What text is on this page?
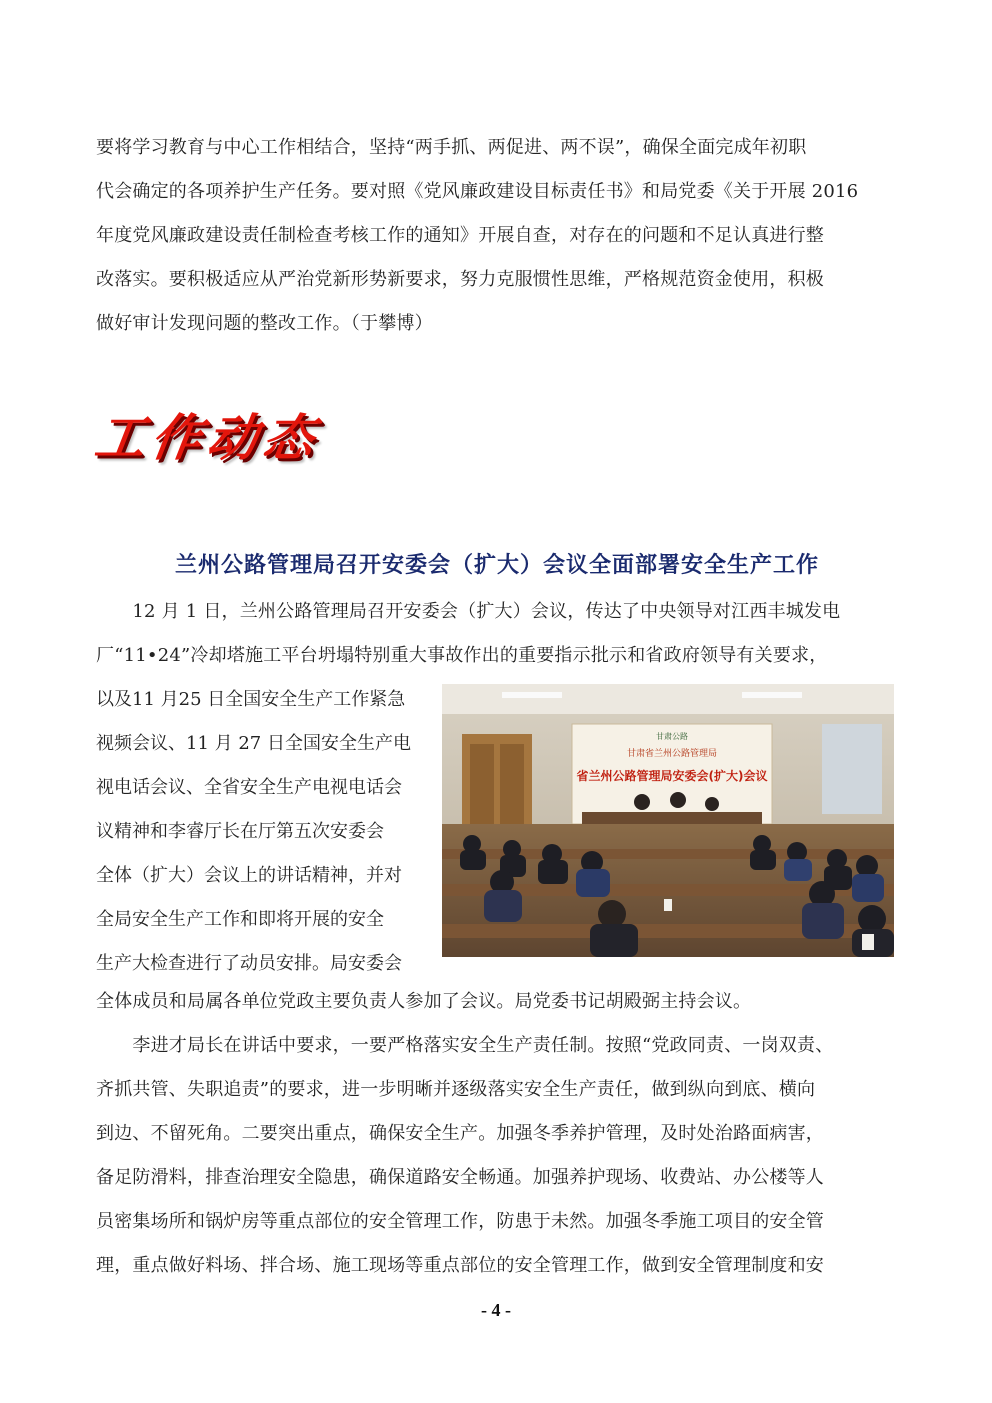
要将学习教育与中心工作相结合，坚持“两手抓、两促进、两不误”，确保全面完成年初职

代会确定的各项养护生产任务。要对照《党风廉政建设目标责任书》和局党委《关于开展 2016

年度党风廉政建设责任制检查考核工作的通知》开展自查，对存在的问题和不足认真进行整

改落实。要积极适应从严治党新形势新要求，努力克服惯性思维，严格规范资金使用，积极

做好审计发现问题的整改工作。（于攀博）

工作动态
兰州公路管理局召开安委会（扩大）会议全面部署安全生产工作

　　12 月 1 日，兰州公路管理局召开安委会（扩大）会议，传达了中央领导对江西丰城发电

厂“11•24”冷却塔施工平台坍塌特别重大事故作出的重要指示批示和省政府领导有关要求，

以及11 月25 日全国安全生产工作紧急

视频会议、11 月 27 日全国安全生产电

视电话会议、全省安全生产电视电话会

议精神和李睿厅长在厅第五次安委会

全体（扩大）会议上的讲话精神，并对

全局安全生产工作和即将开展的安全

生产大检查进行了动员安排。局安委会

甘肃公路
甘肃省兰州公路管理局
省兰州公路管理局安委会(扩大)会议

全体成员和局属各单位党政主要负责人参加了会议。局党委书记胡殿弼主持会议。

　　李进才局长在讲话中要求，一要严格落实安全生产责任制。按照“党政同责、一岗双责、

齐抓共管、失职追责”的要求，进一步明晰并逐级落实安全生产责任，做到纵向到底、横向

到边、不留死角。二要突出重点，确保安全生产。加强冬季养护管理，及时处治路面病害，

备足防滑料，排查治理安全隐患，确保道路安全畅通。加强养护现场、收费站、办公楼等人

员密集场所和锅炉房等重点部位的安全管理工作，防患于未然。加强冬季施工项目的安全管

理，重点做好料场、拌合场、施工现场等重点部位的安全管理工作，做到安全管理制度和安

- 4 -
